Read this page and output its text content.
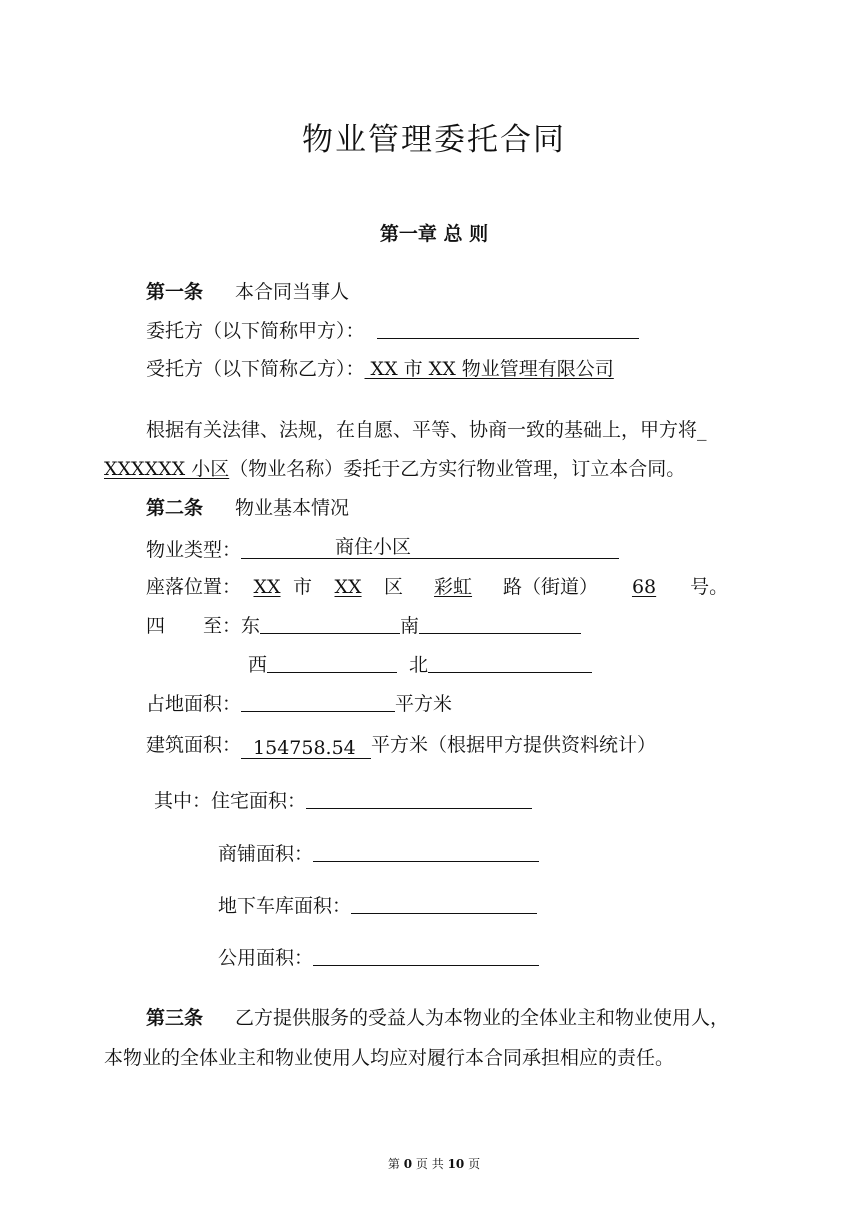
物业管理委托合同
第一章 总 则
第一条 本合同当事人
委托方（以下简称甲方）：
受托方（以下简称乙方）： XX 市 XX 物业管理有限公司
根据有关法律、法规，在自愿、平等、协商一致的基础上，甲方将_
XXXXXX 小区（物业名称）委托于乙方实行物业管理，订立本合同。
第二条 物业基本情况
物业类型：	商住小区
座落位置： XX 市 XX 区 彩虹 路（街道） 68 号。
四　　至：东	南
西	北
占地面积：	平方米
建筑面积： 154758.54 平方米（根据甲方提供资料统计）
其中：住宅面积：
商铺面积：
地下车库面积：
公用面积：
第三条 乙方提供服务的受益人为本物业的全体业主和物业使用人，
本物业的全体业主和物业使用人均应对履行本合同承担相应的责任。
第 0 页 共 10 页
